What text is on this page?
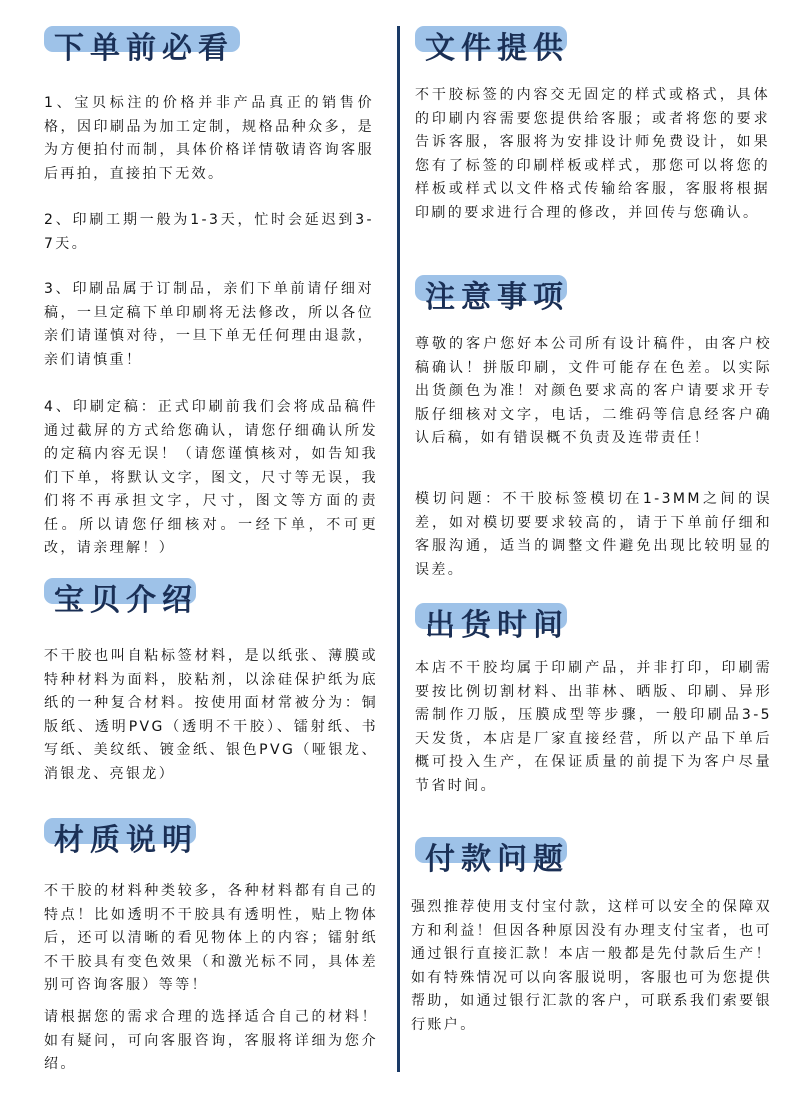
下单前必看

1、宝贝标注的价格并非产品真正的销售价格，因印刷品为加工定制，规格品种众多，是为方便拍付而制，具体价格详情敬请咨询客服后再拍，直接拍下无效。

2、印刷工期一般为1-3天，忙时会延迟到3-7天。

3、印刷品属于订制品，亲们下单前请仔细对稿，一旦定稿下单印刷将无法修改，所以各位亲们请谨慎对待，一旦下单无任何理由退款，亲们请慎重！

4、印刷定稿：正式印刷前我们会将成品稿件通过截屏的方式给您确认，请您仔细确认所发的定稿内容无误！（请您谨慎核对，如告知我们下单，将默认文字，图文，尺寸等无误，我们将不再承担文字，尺寸，图文等方面的责任。所以请您仔细核对。一经下单，不可更改，请亲理解！）

宝贝介绍

不干胶也叫自粘标签材料，是以纸张、薄膜或特种材料为面料，胶粘剂，以涂硅保护纸为底纸的一种复合材料。按使用面材常被分为：铜版纸、透明PVG（透明不干胶）、镭射纸、书写纸、美纹纸、镀金纸、银色PVG（哑银龙、消银龙、亮银龙）

材质说明

不干胶的材料种类较多，各种材料都有自己的特点！比如透明不干胶具有透明性，贴上物体后，还可以清晰的看见物体上的内容；镭射纸不干胶具有变色效果（和激光标不同，具体差别可咨询客服）等等！

请根据您的需求合理的选择适合自己的材料！如有疑问，可向客服咨询，客服将详细为您介绍。

文件提供

不干胶标签的内容交无固定的样式或格式，具体的印刷内容需要您提供给客服；或者将您的要求告诉客服，客服将为安排设计师免费设计，如果您有了标签的印刷样板或样式，那您可以将您的样板或样式以文件格式传输给客服，客服将根据印刷的要求进行合理的修改，并回传与您确认。

注意事项

尊敬的客户您好本公司所有设计稿件，由客户校稿确认！拼版印刷，文件可能存在色差。以实际出货颜色为准！对颜色要求高的客户请要求开专版仔细核对文字，电话，二维码等信息经客户确认后稿，如有错误概不负责及连带责任！

模切问题：不干胶标签模切在1-3MM之间的误差，如对模切要要求较高的，请于下单前仔细和客服沟通，适当的调整文件避免出现比较明显的误差。

出货时间

本店不干胶均属于印刷产品，并非打印，印刷需要按比例切割材料、出菲林、晒版、印刷、异形需制作刀版，压膜成型等步骤，一般印刷品3-5天发货，本店是厂家直接经营，所以产品下单后概可投入生产，在保证质量的前提下为客户尽量节省时间。

付款问题

强烈推荐使用支付宝付款，这样可以安全的保障双方和利益！但因各种原因没有办理支付宝者，也可通过银行直接汇款！本店一般都是先付款后生产！如有特殊情况可以向客服说明，客服也可为您提供帮助，如通过银行汇款的客户，可联系我们索要银行账户。
